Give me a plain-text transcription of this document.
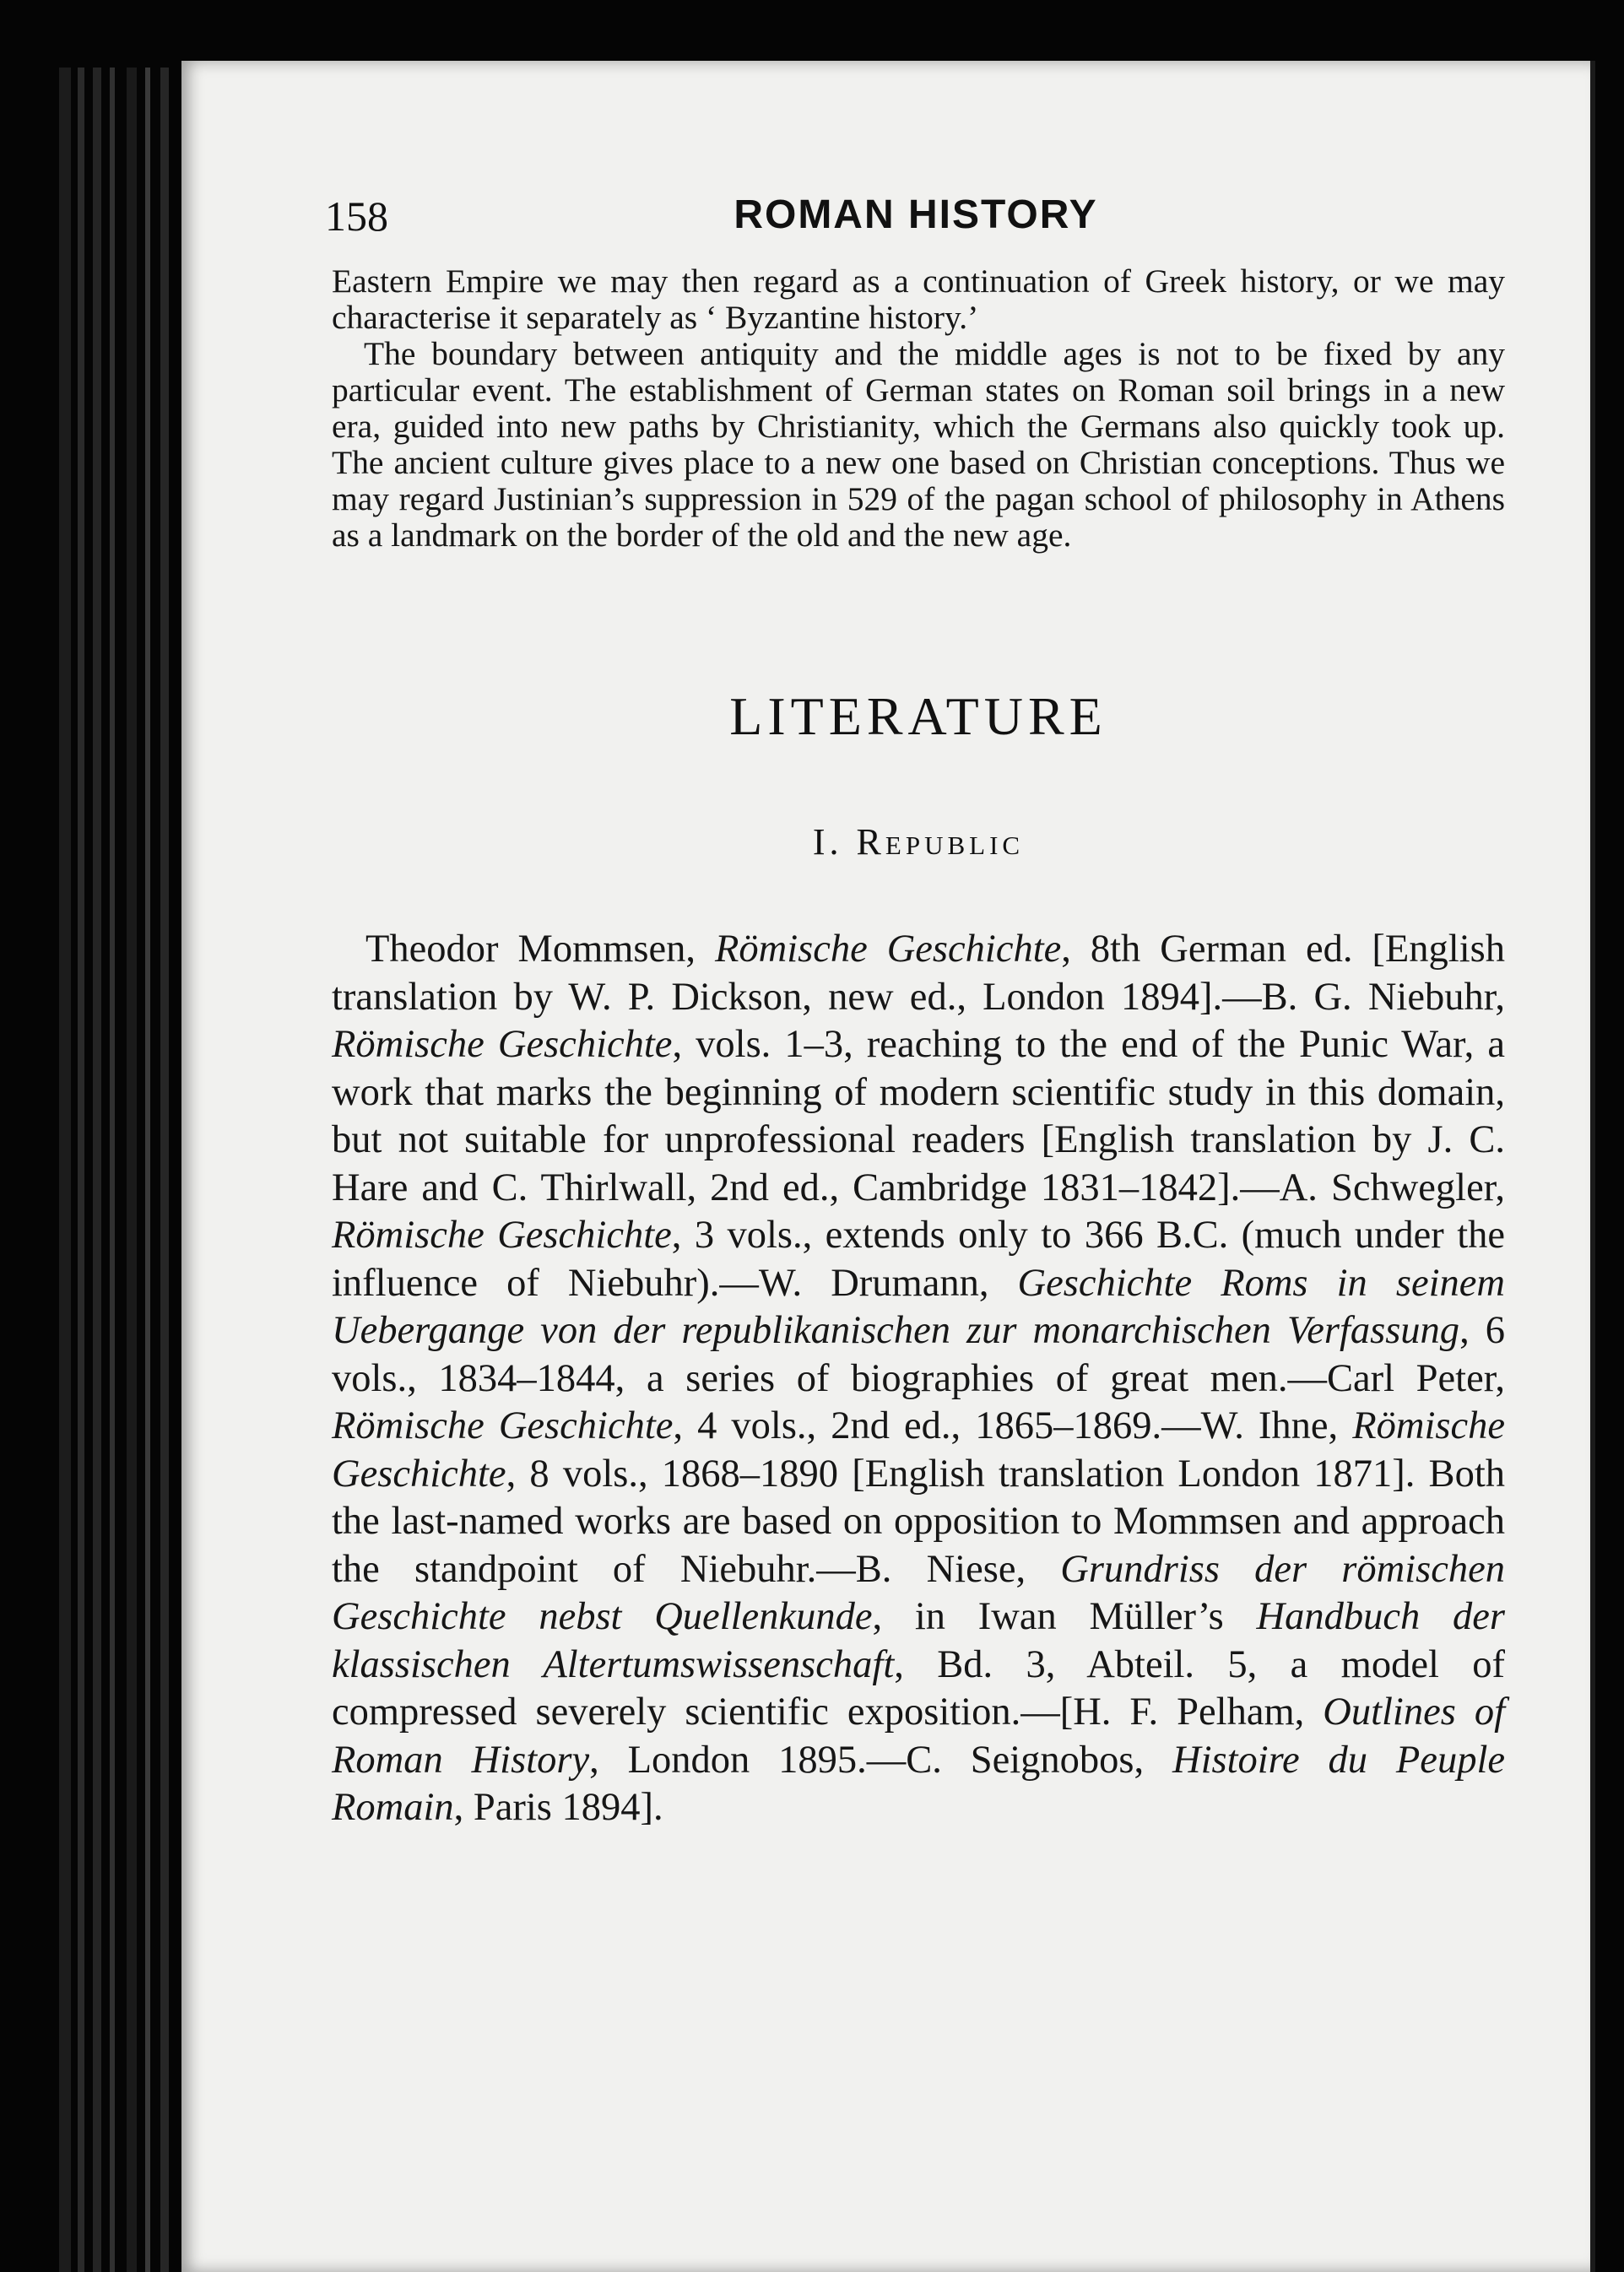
158	ROMAN HISTORY

Eastern Empire we may then regard as a continuation of Greek history, or we may characterise it separately as ‘ Byzantine history.’

The boundary between antiquity and the middle ages is not to be fixed by any particular event. The establishment of German states on Roman soil brings in a new era, guided into new paths by Christianity, which the Germans also quickly took up. The ancient culture gives place to a new one based on Christian conceptions. Thus we may regard Justinian’s suppression in 529 of the pagan school of philosophy in Athens as a landmark on the border of the old and the new age.

LITERATURE
I. Republic

Theodor Mommsen, Römische Geschichte, 8th German ed. [English translation by W. P. Dickson, new ed., London 1894].—B. G. Niebuhr, Römische Geschichte, vols. 1–3, reaching to the end of the Punic War, a work that marks the beginning of modern scientific study in this domain, but not suitable for unprofessional readers [English translation by J. C. Hare and C. Thirlwall, 2nd ed., Cambridge 1831–1842].—A. Schwegler, Römische Geschichte, 3 vols., extends only to 366 B.C. (much under the influence of Niebuhr).—W. Drumann, Geschichte Roms in seinem Uebergange von der republikanischen zur monarchischen Verfassung, 6 vols., 1834–1844, a series of biographies of great men.—Carl Peter, Römische Geschichte, 4 vols., 2nd ed., 1865–1869.—W. Ihne, Römische Geschichte, 8 vols., 1868–1890 [English translation London 1871]. Both the last-named works are based on opposition to Mommsen and approach the standpoint of Niebuhr.—B. Niese, Grundriss der römischen Geschichte nebst Quellenkunde, in Iwan Müller’s Handbuch der klassischen Altertumswissenschaft, Bd. 3, Abteil. 5, a model of compressed severely scientific exposition.—[H. F. Pelham, Outlines of Roman History, London 1895.—C. Seignobos, Histoire du Peuple Romain, Paris 1894].
